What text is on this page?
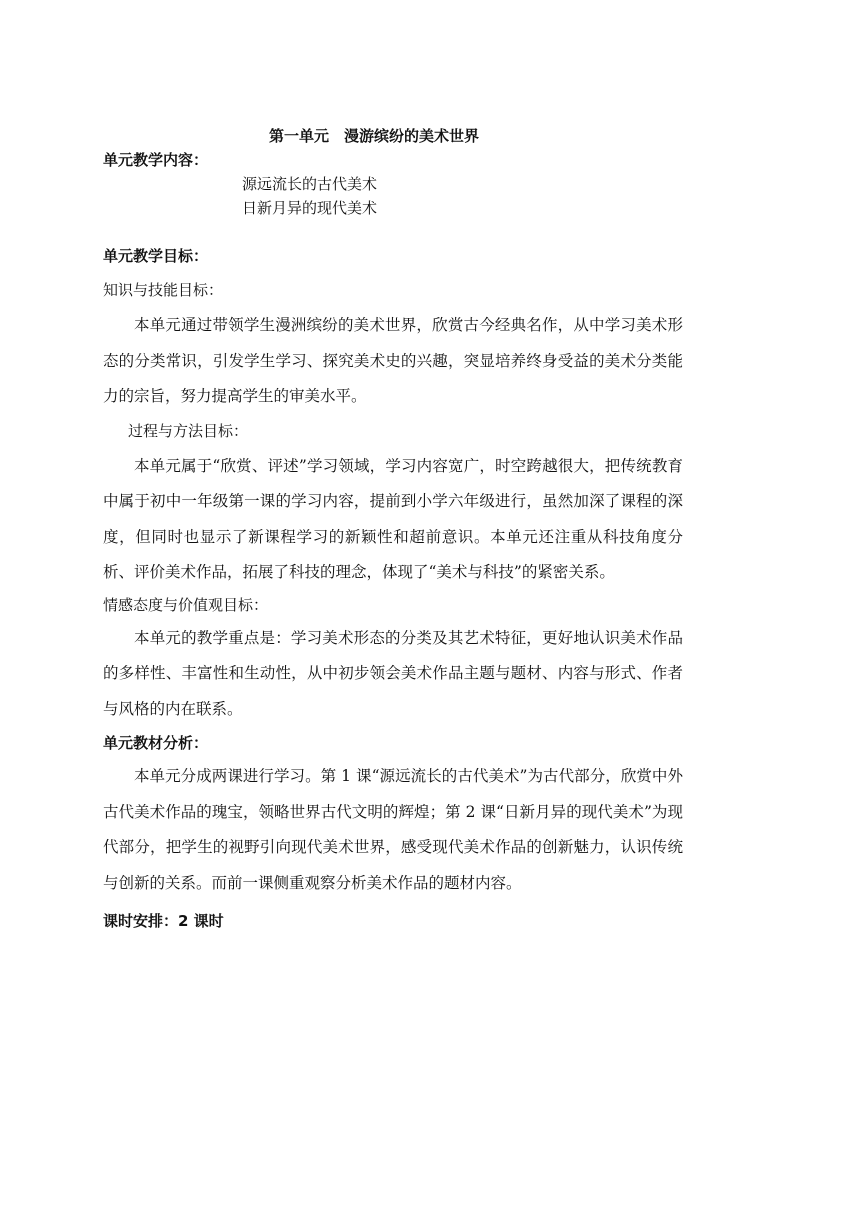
第一单元　漫游缤纷的美术世界

单元教学内容：

源远流长的古代美术
日新月异的现代美术

单元教学目标：

知识与技能目标：

本单元通过带领学生漫洲缤纷的美术世界，欣赏古今经典名作，从中学习美术形态的分类常识，引发学生学习、探究美术史的兴趣，突显培养终身受益的美术分类能力的宗旨，努力提高学生的审美水平。

过程与方法目标：

本单元属于“欣赏、评述”学习领域，学习内容宽广，时空跨越很大，把传统教育中属于初中一年级第一课的学习内容，提前到小学六年级进行，虽然加深了课程的深度，但同时也显示了新课程学习的新颖性和超前意识。本单元还注重从科技角度分析、评价美术作品，拓展了科技的理念，体现了“美术与科技”的紧密关系。

情感态度与价值观目标：

本单元的教学重点是：学习美术形态的分类及其艺术特征，更好地认识美术作品的多样性、丰富性和生动性，从中初步领会美术作品主题与题材、内容与形式、作者与风格的内在联系。

单元教材分析：

本单元分成两课进行学习。第 1 课“源远流长的古代美术”为古代部分，欣赏中外古代美术作品的瑰宝，领略世界古代文明的辉煌；第 2 课“日新月异的现代美术”为现代部分，把学生的视野引向现代美术世界，感受现代美术作品的创新魅力，认识传统与创新的关系。而前一课侧重观察分析美术作品的题材内容。

课时安排：2 课时
